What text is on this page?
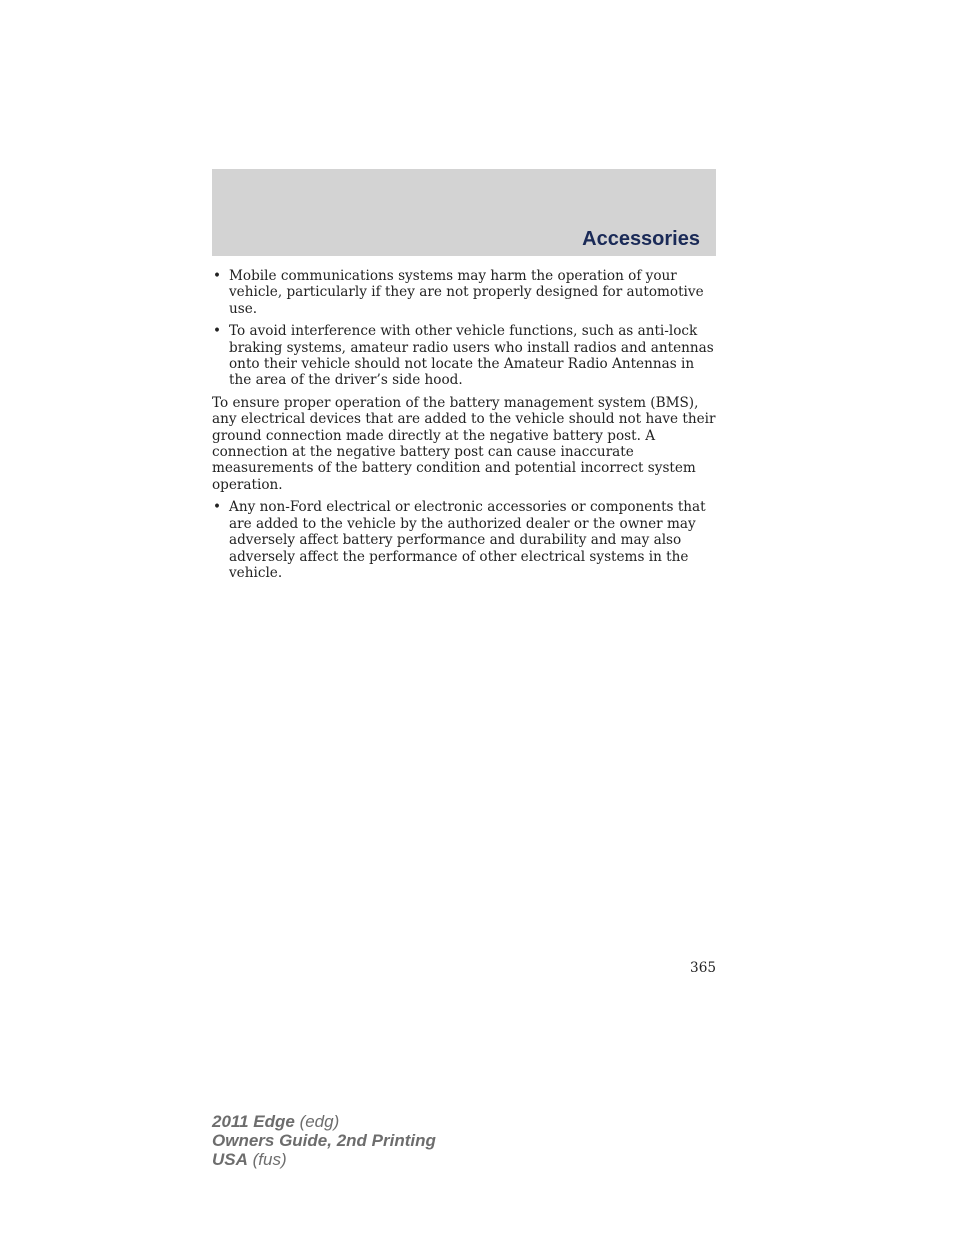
Accessories
• Mobile communications systems may harm the operation of your vehicle, particularly if they are not properly designed for automotive use.
• To avoid interference with other vehicle functions, such as anti-lock braking systems, amateur radio users who install radios and antennas onto their vehicle should not locate the Amateur Radio Antennas in the area of the driver’s side hood.

To ensure proper operation of the battery management system (BMS), any electrical devices that are added to the vehicle should not have their ground connection made directly at the negative battery post. A connection at the negative battery post can cause inaccurate measurements of the battery condition and potential incorrect system operation.

• Any non-Ford electrical or electronic accessories or components that are added to the vehicle by the authorized dealer or the owner may adversely affect battery performance and durability and may also adversely affect the performance of other electrical systems in the vehicle.
365
2011 Edge (edg)
Owners Guide, 2nd Printing
USA (fus)
